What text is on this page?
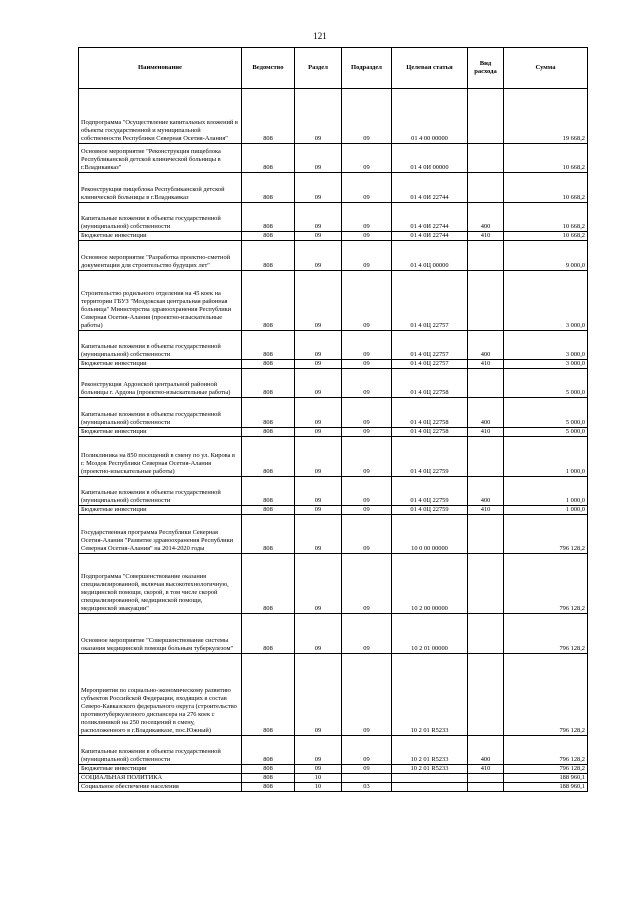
121
Наименование	Ведомство	Раздел	Подраздел	Целевая статья	Вид расхода	Сумма
Подпрограмма "Осуществление капитальных вложений в объекты государственной и муниципальной собственности Республики Северная Осетия-Алания"	808	09	09	01 4 00 00000		19 668,2
Основное мероприятие "Реконструкция пищеблока Республиканской детской клинической больницы в г.Владикавказ"	808	09	09	01 4 0И 00000		10 668,2
Реконструкция пищеблока Республиканской детской клинической больницы в г.Владикавказ	808	09	09	01 4 0И 22744		10 668,2
Капитальные вложения в объекты государственной (муниципальной) собственности	808	09	09	01 4 0И 22744	400	10 668,2
Бюджетные инвестиции	808	09	09	01 4 0И 22744	410	10 668,2
Основное мероприятие "Разработка проектно-сметной документации для строительство будущих лет"	808	09	09	01 4 0Ц 00000		9 000,0
Строительство родильного отделения на 45 коек на территории ГБУЗ "Моздокская центральная районная больница" Министерства здравоохранения Республики Северная Осетия-Алания (проектно-изыскательные работы)	808	09	09	01 4 0Ц 22757		3 000,0
Капитальные вложения в объекты государственной (муниципальной) собственности	808	09	09	01 4 0Ц 22757	400	3 000,0
Бюджетные инвестиции	808	09	09	01 4 0Ц 22757	410	3 000,0
Реконструкция Ардонской центральной районной больницы г. Ардона (проектно-изыскательные работы)	808	09	09	01 4 0Ц 22758		5 000,0
Капитальные вложения в объекты государственной (муниципальной) собственности	808	09	09	01 4 0Ц 22758	400	5 000,0
Бюджетные инвестиции	808	09	09	01 4 0Ц 22758	410	5 000,0
Поликлиника на 850 посещений в смену по ул. Кирова в г. Моздок Республики Северная Осетия-Алания (проектно-изыскательные работы)	808	09	09	01 4 0Ц 22759		1 000,0
Капитальные вложения в объекты государственной (муниципальной) собственности	808	09	09	01 4 0Ц 22759	400	1 000,0
Бюджетные инвестиции	808	09	09	01 4 0Ц 22759	410	1 000,0
Государственная программа Республики Северная Осетия-Алания "Развитие здравоохранения Республики Северная Осетия-Алания" на 2014-2020 годы	808	09	09	10 0 00 00000		796 128,2
Подпрограмма "Совершенствование оказания специализированной, включая высокотехнологичную, медицинской помощи, скорой, в том числе скорой специализированной, медицинской помощи, медицинской эвакуации"	808	09	09	10 2 00 00000		796 128,2
Основное мероприятие "Совершенствование системы оказания медицинской помощи больным туберкулезом"	808	09	09	10 2 01 00000		796 128,2
Мероприятия по социально-экономическому развитию субъектов Российской Федерации, входящих в состав Северо-Кавказского федерального округа (строительство противотуберкулезного диспансера на 276 коек с поликлиникой на 250 посещений в смену, расположенного в г.Владикавказе, пос.Южный)	808	09	09	10 2 01 R5233		796 128,2
Капитальные вложения в объекты государственной (муниципальной) собственности	808	09	09	10 2 01 R5233	400	796 128,2
Бюджетные инвестиции	808	09	09	10 2 01 R5233	410	796 128,2
СОЦИАЛЬНАЯ ПОЛИТИКА	808	10				188 960,1
Социальное обеспечение населения	808	10	03			188 960,1
